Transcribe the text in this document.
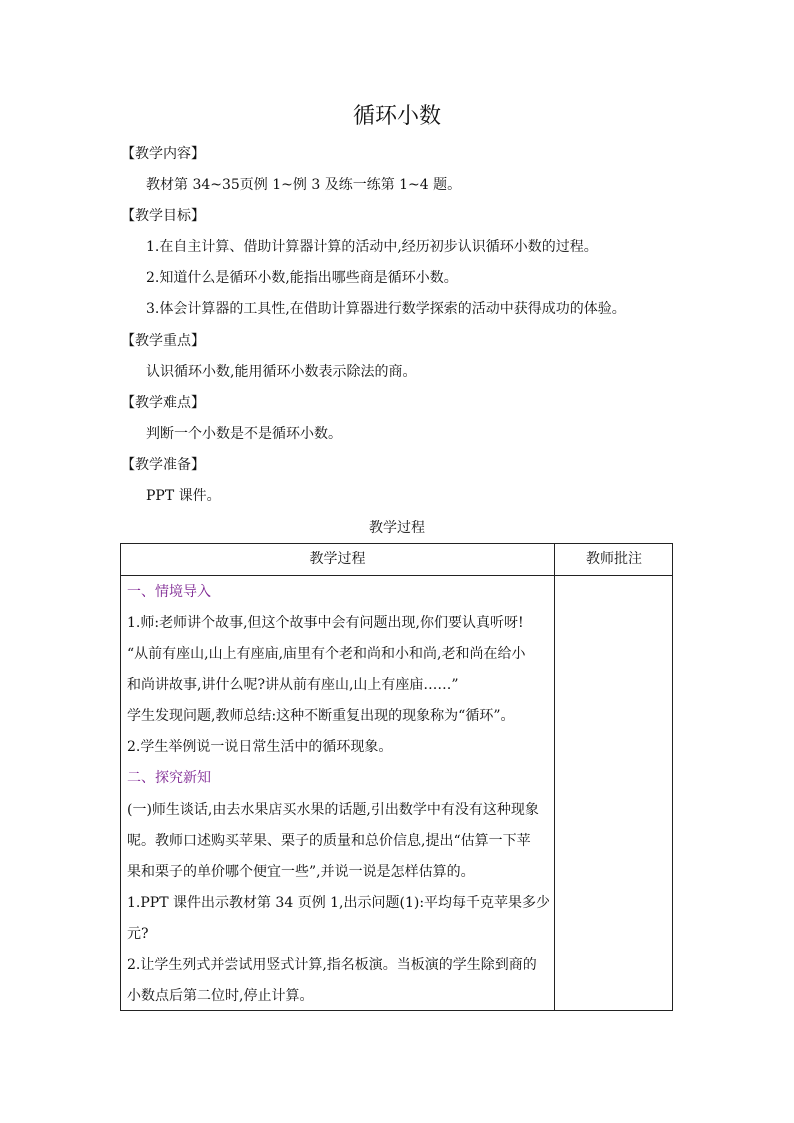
循环小数
【教学内容】
教材第 34~35页例 1~例 3 及练一练第 1~4 题。
【教学目标】
1.在自主计算、借助计算器计算的活动中,经历初步认识循环小数的过程。
2.知道什么是循环小数,能指出哪些商是循环小数。
3.体会计算器的工具性,在借助计算器进行数学探索的活动中获得成功的体验。
【教学重点】
认识循环小数,能用循环小数表示除法的商。
【教学难点】
判断一个小数是不是循环小数。
【教学准备】
PPT 课件。
教学过程
教学过程	教师批注
一、情境导入
1.师:老师讲个故事,但这个故事中会有问题出现,你们要认真听呀!
“从前有座山,山上有座庙,庙里有个老和尚和小和尚,老和尚在给小
和尚讲故事,讲什么呢?讲从前有座山,山上有座庙……”
学生发现问题,教师总结:这种不断重复出现的现象称为“循环”。
2.学生举例说一说日常生活中的循环现象。
二、探究新知
(一)师生谈话,由去水果店买水果的话题,引出数学中有没有这种现象
呢。教师口述购买苹果、栗子的质量和总价信息,提出“估算一下苹
果和栗子的单价哪个便宜一些”,并说一说是怎样估算的。
1.PPT 课件出示教材第 34 页例 1,出示问题(1):平均每千克苹果多少
元?
2.让学生列式并尝试用竖式计算,指名板演。当板演的学生除到商的
小数点后第二位时,停止计算。
